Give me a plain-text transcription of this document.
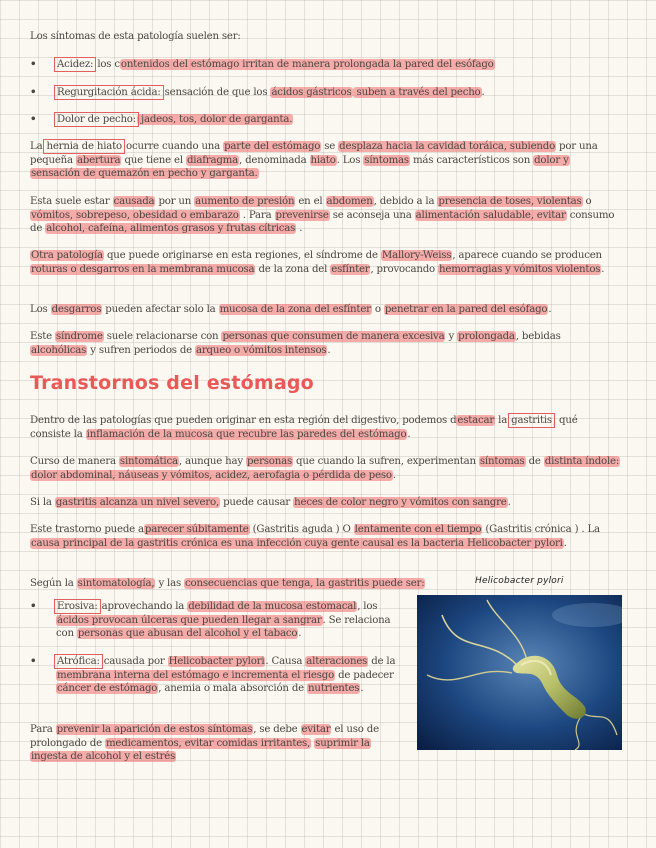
Los síntomas de esta patología suelen ser:
• Acidez: los contenidos del estómago irritan de manera prolongada la pared del esófago
• Regurgitación ácida: sensación de que los ácidos gástricos suben a través del pecho.
• Dolor de pecho: jadeos, tos, dolor de garganta.
La hernia de hiato ocurre cuando una parte del estómago se desplaza hacia la cavidad toráica, subiendo por una pequeña abertura que tiene el diafragma, denominada hiato. Los síntomas más característicos son dolor y sensación de quemazón en pecho y garganta.
Esta suele estar causada por un aumento de presión en el abdomen, debido a la presencia de toses, violentas o vómitos, sobrepeso, obesidad o embarazo . Para prevenirse se aconseja una alimentación saludable, evitar consumo de alcohol, cafeína, alimentos grasos y frutas cítricas .
Otra patología que puede originarse en esta regiones, el síndrome de Mallory-Weiss, aparece cuando se producen roturas o desgarros en la membrana mucosa de la zona del esfínter, provocando hemorragias y vómitos violentos.
Los desgarros pueden afectar solo la mucosa de la zona del esfínter o penetrar en la pared del esófago.
Este síndrome suele relacionarse con personas que consumen de manera excesiva y prolongada, bebidas alcohólicas y sufren periodos de arqueo o vómitos intensos.
Transtornos del estómago
Dentro de las patologías que pueden originar en esta región del digestivo, podemos destacar la gastritis, qué consiste la inflamación de la mucosa que recubre las paredes del estómago.
Curso de manera sintomática, aunque hay personas que cuando la sufren, experimentan síntomas de distinta índole: dolor abdominal, náuseas y vómitos, acidez, aerofagia o pérdida de peso.
Si la gastritis alcanza un nivel severo, puede causar heces de color negro y vómitos con sangre.
Este trastorno puede aparecer súbitamente (Gastritis aguda ) O lentamente con el tiempo (Gastritis crónica ) . La causa principal de la gastritis crónica es una infección cuya gente causal es la bacteria Helicobacter pylori.
Según la sintomatología, y las consecuencias que tenga, la gastritis puede ser:
• Erosiva: aprovechando la debilidad de la mucosa estomacal, los ácidos provocan úlceras que pueden llegar a sangrar. Se relaciona con personas que abusan del alcohol y el tabaco.
• Atrófica: causada por Helicobacter pylori. Causa alteraciones de la membrana interna del estómago e incrementa el riesgo de padecer cáncer de estómago, anemia o mala absorción de nutrientes.
Para prevenir la aparición de estos síntomas, se debe evitar el uso de prolongado de medicamentos, evitar comidas irritantes, suprimir la ingesta de alcohol y el estrés
Helicobacter pylori
